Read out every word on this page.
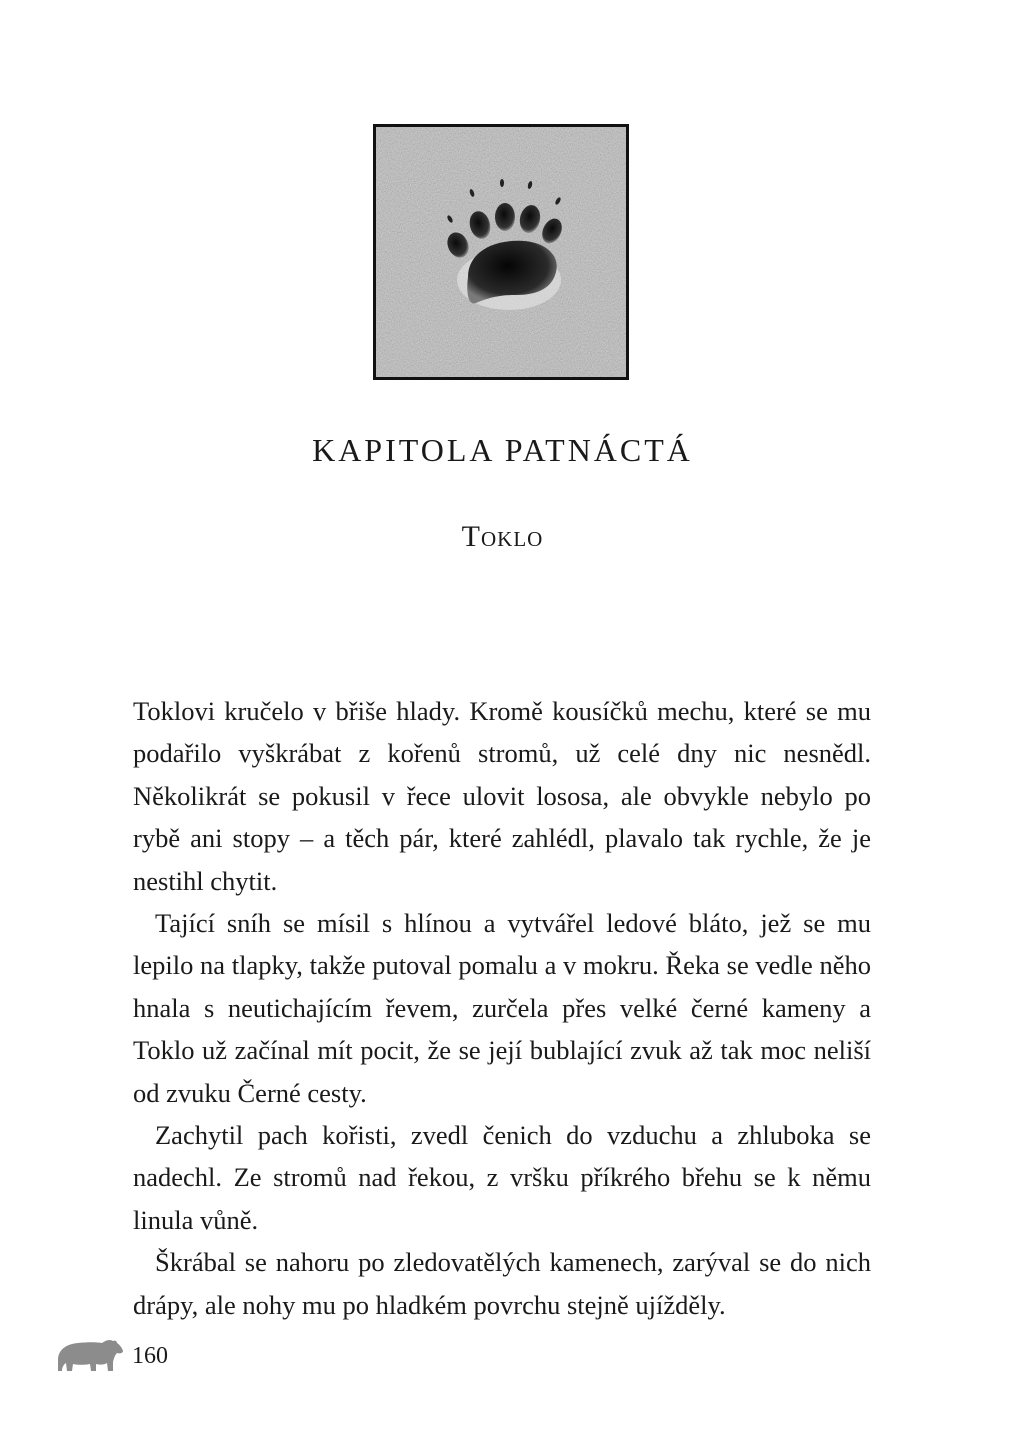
KAPITOLA PATNÁCTÁ
Toklo

Toklovi kručelo v břiše hlady. Kromě kousíčků mechu, které se mu podařilo vyškrábat z kořenů stromů, už celé dny nic nesnědl. Několikrát se pokusil v řece ulovit lososa, ale obvykle nebylo po rybě ani stopy – a těch pár, které zahlédl, plavalo tak rychle, že je nestihl chytit.

Tající sníh se mísil s hlínou a vytvářel ledové bláto, jež se mu lepilo na tlapky, takže putoval pomalu a v mokru. Řeka se vedle něho hnala s neutichajícím řevem, zurčela přes velké černé kameny a Toklo už začínal mít pocit, že se její bublající zvuk až tak moc neliší od zvuku Černé cesty.

Zachytil pach kořisti, zvedl čenich do vzduchu a zhluboka se nadechl. Ze stromů nad řekou, z vršku příkrého břehu se k němu linula vůně.

Škrábal se nahoru po zledovatělých kamenech, zarýval se do nich drápy, ale nohy mu po hladkém povrchu stejně ujížděly.

160
